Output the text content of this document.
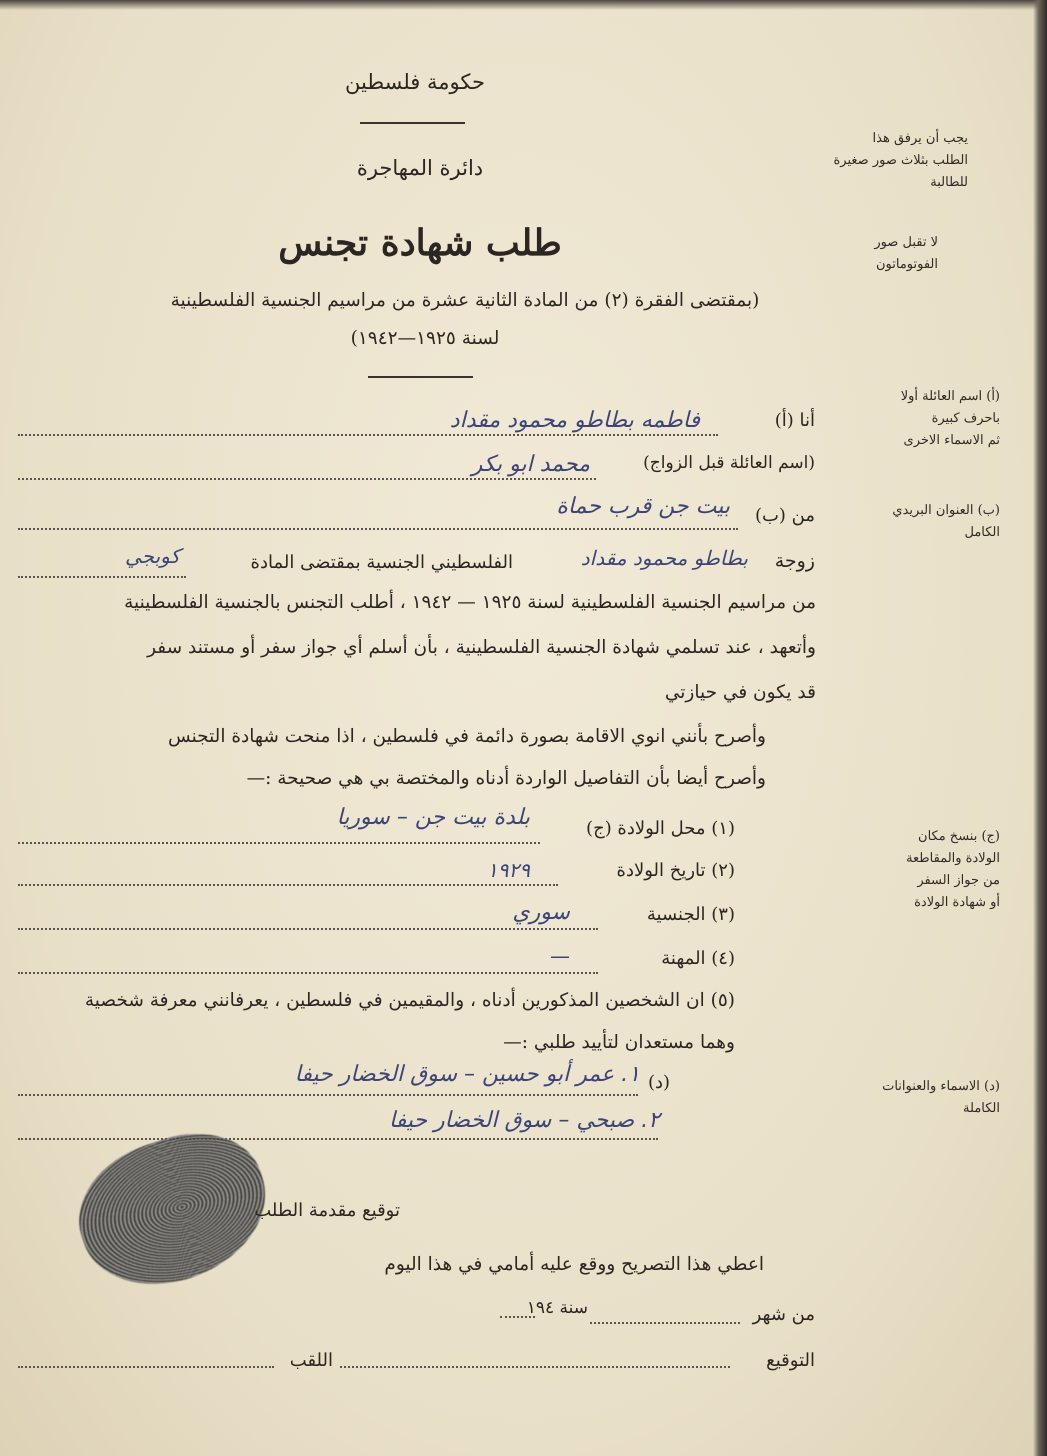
حكومة فلسطين
دائرة المهاجرة
طلب شهادة تجنس
(بمقتضى الفقرة (٢) من المادة الثانية عشرة من مراسيم الجنسية الفلسطينية
لسنة ١٩٢٥—١٩٤٢)
يجب أن يرفق هذا
الطلب بثلاث صور صغيرة
للطالبة
لا تقبل صور
الفوتوماتون
(أ) اسم العائلة أولا
باحرف كبيرة
ثم الاسماء الاخرى
(ب) العنوان البريدي
الكامل
(ج) بنسخ مكان
الولادة والمقاطعة
من جواز السفر
أو شهادة الولادة
(د) الاسماء والعنوانات
الكاملة
أنا (أ)
فاطمه بطاطو محمود مقداد
(اسم العائلة قبل الزواج)
محمد ابو بكر
من (ب)
بيت جن قرب حماة
زوجة
بطاطو محمود مقداد
الفلسطيني الجنسية بمقتضى المادة
كوبجي
من مراسيم الجنسية الفلسطينية لسنة ١٩٢٥ — ١٩٤٢ ، أطلب التجنس بالجنسية الفلسطينية
وأتعهد ، عند تسلمي شهادة الجنسية الفلسطينية ، بأن أسلم أي جواز سفر أو مستند سفر
قد يكون في حيازتي
وأصرح بأنني انوي الاقامة بصورة دائمة في فلسطين ، اذا منحت شهادة التجنس
وأصرح أيضا بأن التفاصيل الواردة أدناه والمختصة بي هي صحيحة :—
(١) محل الولادة (ج)
بلدة بيت جن – سوريا
(٢) تاريخ الولادة
١٩٢٩
(٣) الجنسية
سوري
(٤) المهنة
—
(٥) ان الشخصين المذكورين أدناه ، والمقيمين في فلسطين ، يعرفانني معرفة شخصية
وهما مستعدان لتأييد طلبي :—
(د)
١. عمر أبو حسين – سوق الخضار حيفا
٢. صبحي – سوق الخضار حيفا
توقيع مقدمة الطلب
اعطي هذا التصريح ووقع عليه أمامي في هذا اليوم
من شهر
سنة ١٩٤
التوقيع
اللقب
